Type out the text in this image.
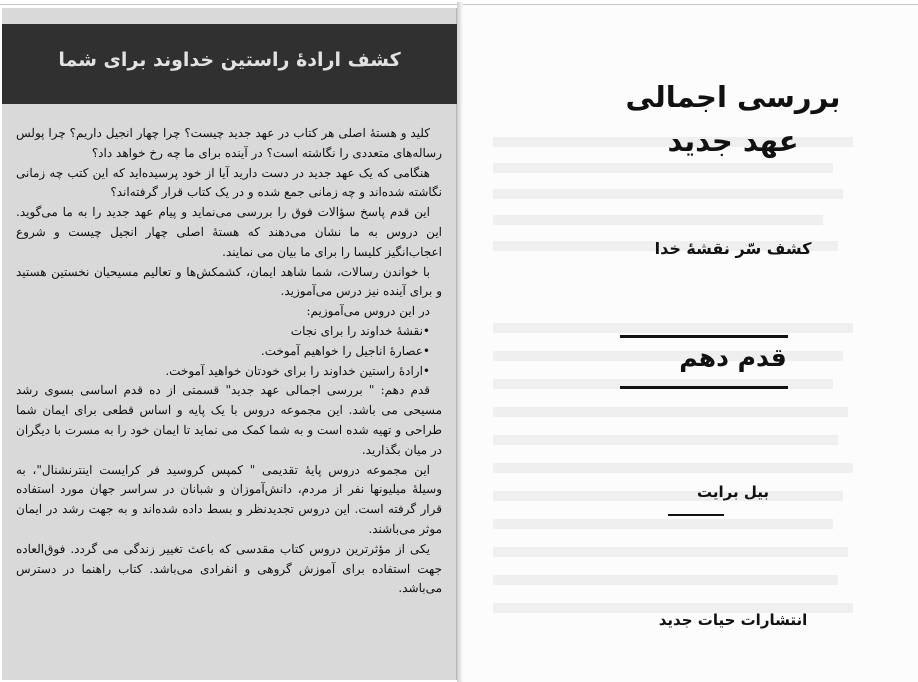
کشف ارادهٔ راستین خداوند برای شما

کلید و هستهٔ اصلی هر کتاب در عهد جدید چیست؟ چرا چهار انجیل داریم؟ چرا پولس رساله‌های متعددی را نگاشته است؟ در آینده برای ما چه رخ خواهد داد؟

هنگامی که یک عهد جدید در دست دارید آیا از خود پرسیده‌اید که این کتب چه زمانی نگاشته شده‌اند و چه زمانی جمع شده و در یک کتاب قرار گرفته‌اند؟

این قدم پاسخ سؤالات فوق را بررسی می‌نماید و پیام عهد جدید را به ما می‌گوید. این دروس به ما نشان می‌دهند که هستهٔ اصلی چهار انجیل چیست و شروع اعجاب‌انگیز کلیسا را برای ما بیان می نمایند.

با خواندن رسالات، شما شاهد ایمان، کشمکش‌ها و تعالیم مسیحیان نخستین هستید و برای آینده نیز درس می‌آموزید.

در این دروس می‌آموزیم:

• نقشهٔ خداوند را برای نجات
• عصارهٔ اناجیل را خواهیم آموخت.
• ارادهٔ راستین خداوند را برای خودتان خواهید آموخت.

قدم دهم: " بررسی اجمالی عهد جدید" قسمتی از ده قدم اساسی بسوی رشد مسیحی می باشد. این مجموعه دروس با یک پایه و اساس قطعی برای ایمان شما طراحی و تهیه شده است و به شما کمک می نماید تا ایمان خود را به مسرت با دیگران در میان بگذارید.

این مجموعه دروس پایهٔ تقدیمی " کمپس کروسید فر کرایست اینترنشنال"، به وسیلهٔ میلیونها نفر از مردم، دانش‌آموزان و شبانان در سراسر جهان مورد استفاده قرار گرفته است. این دروس تجدیدنظر و بسط داده شده‌اند و به جهت رشد در ایمان موثر می‌باشند.

یکی از مؤثرترین دروس کتاب مقدسی که باعث تغییر زندگی می گردد. فوق‌العاده جهت استفاده برای آموزش گروهی و انفرادی می‌باشد. کتاب راهنما در دسترس می‌باشد.

بررسی اجمالی
عهد جدید
کشف سّر نقشهٔ خدا
قدم دهم
بیل برایت
انتشارات حیات جدید
